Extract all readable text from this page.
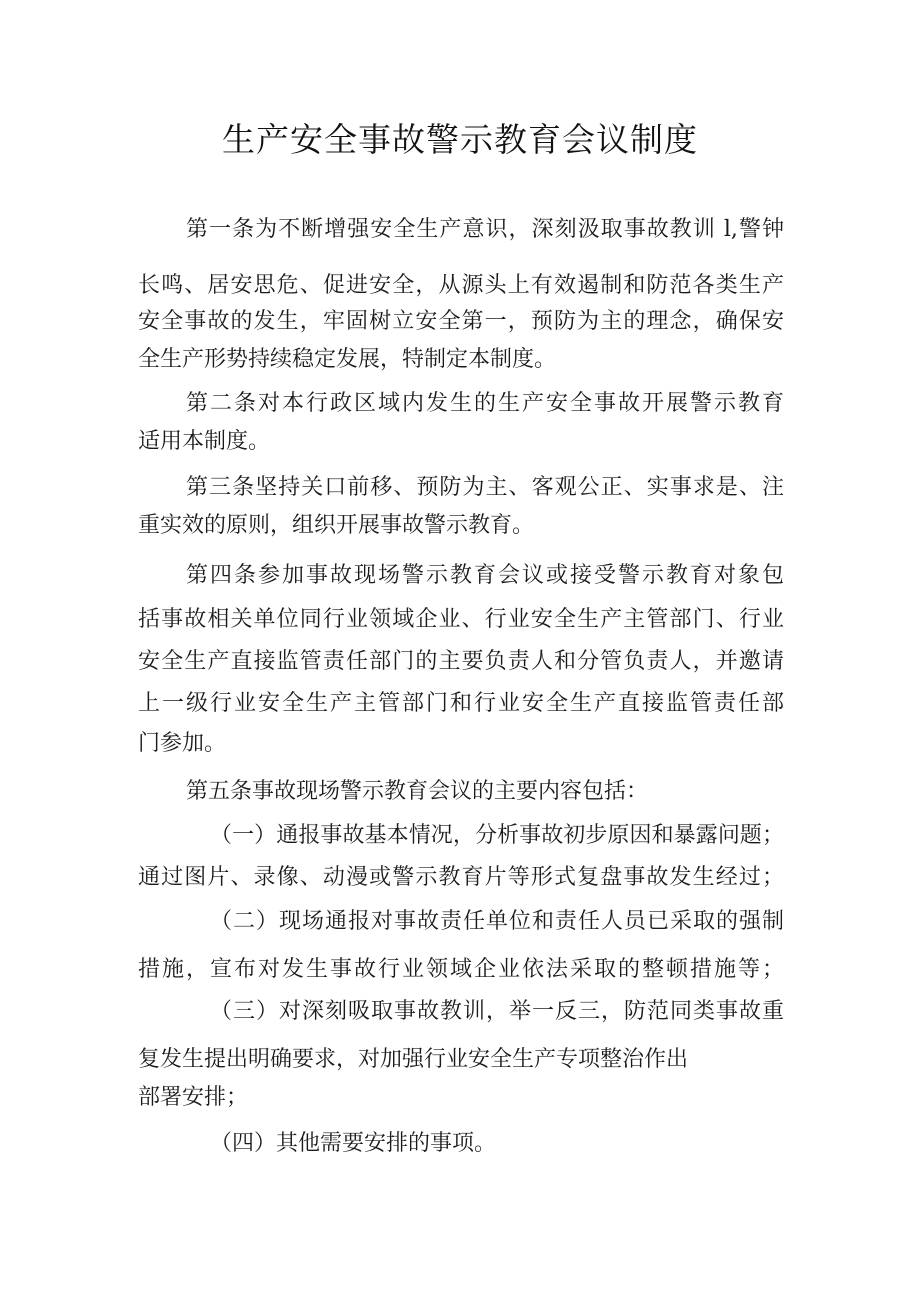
生产安全事故警示教育会议制度
第一条为不断增强安全生产意识，深刻汲取事故教训 l,警钟
长鸣、居安思危、促进安全，从源头上有效遏制和防范各类生产
安全事故的发生，牢固树立安全第一，预防为主的理念，确保安
全生产形势持续稳定发展，特制定本制度。
第二条对本行政区域内发生的生产安全事故开展警示教育
适用本制度。
第三条坚持关口前移、预防为主、客观公正、实事求是、注
重实效的原则，组织开展事故警示教育。
第四条参加事故现场警示教育会议或接受警示教育对象包
括事故相关单位同行业领域企业、行业安全生产主管部门、行业
安全生产直接监管责任部门的主要负责人和分管负责人，并邀请
上一级行业安全生产主管部门和行业安全生产直接监管责任部
门参加。
第五条事故现场警示教育会议的主要内容包括：
（一）通报事故基本情况，分析事故初步原因和暴露问题；
通过图片、录像、动漫或警示教育片等形式复盘事故发生经过；
（二）现场通报对事故责任单位和责任人员已采取的强制
措施，宣布对发生事故行业领域企业依法采取的整顿措施等；
（三）对深刻吸取事故教训，举一反三，防范同类事故重
复发生提出明确要求，对加强行业安全生产专项整治作出
部署安排；
（四）其他需要安排的事项。
